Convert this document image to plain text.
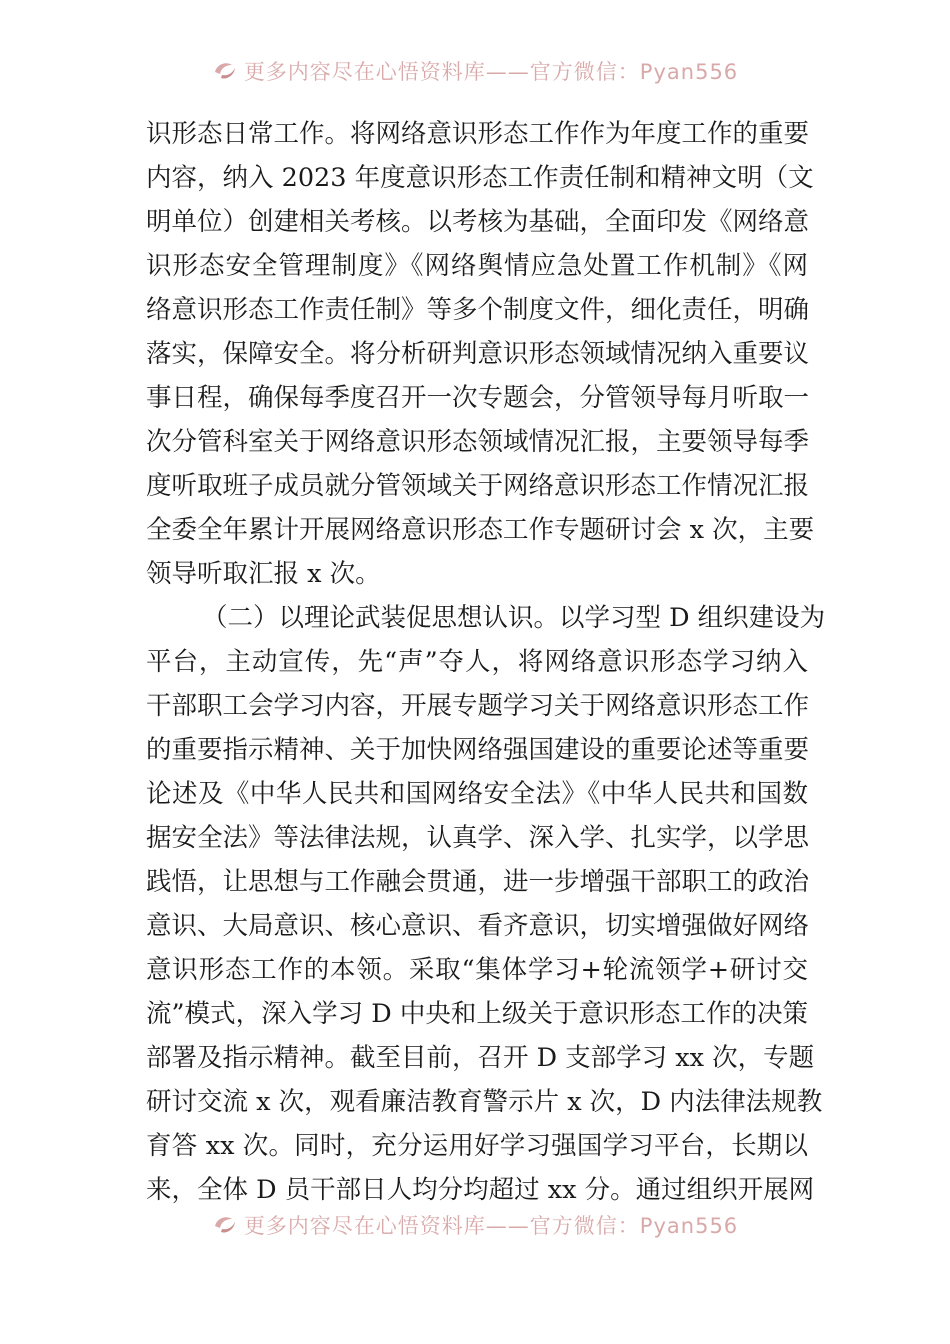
更多内容尽在心悟资料库——官方微信：Pyan556
识形态日常工作。将网络意识形态工作作为年度工作的重要
内容，纳入 2023 年度意识形态工作责任制和精神文明（文
明单位）创建相关考核。以考核为基础，全面印发《网络意
识形态安全管理制度》《网络舆情应急处置工作机制》《网
络意识形态工作责任制》等多个制度文件，细化责任，明确
落实，保障安全。将分析研判意识形态领域情况纳入重要议
事日程，确保每季度召开一次专题会，分管领导每月听取一
次分管科室关于网络意识形态领域情况汇报，主要领导每季
度听取班子成员就分管领域关于网络意识形态工作情况汇报
全委全年累计开展网络意识形态工作专题研讨会 x 次，主要
领导听取汇报 x 次。
（二）以理论武装促思想认识。以学习型 D 组织建设为
平台，主动宣传，先“声”夺人，将网络意识形态学习纳入
干部职工会学习内容，开展专题学习关于网络意识形态工作
的重要指示精神、关于加快网络强国建设的重要论述等重要
论述及《中华人民共和国网络安全法》《中华人民共和国数
据安全法》等法律法规，认真学、深入学、扎实学，以学思
践悟，让思想与工作融会贯通，进一步增强干部职工的政治
意识、大局意识、核心意识、看齐意识，切实增强做好网络
意识形态工作的本领。采取“集体学习+轮流领学+研讨交
流”模式，深入学习 D 中央和上级关于意识形态工作的决策
部署及指示精神。截至目前，召开 D 支部学习 xx 次，专题
研讨交流 x 次，观看廉洁教育警示片 x 次，D 内法律法规教
育答 xx 次。同时，充分运用好学习强国学习平台，长期以
来，全体 D 员干部日人均分均超过 xx 分。通过组织开展网
更多内容尽在心悟资料库——官方微信：Pyan556
